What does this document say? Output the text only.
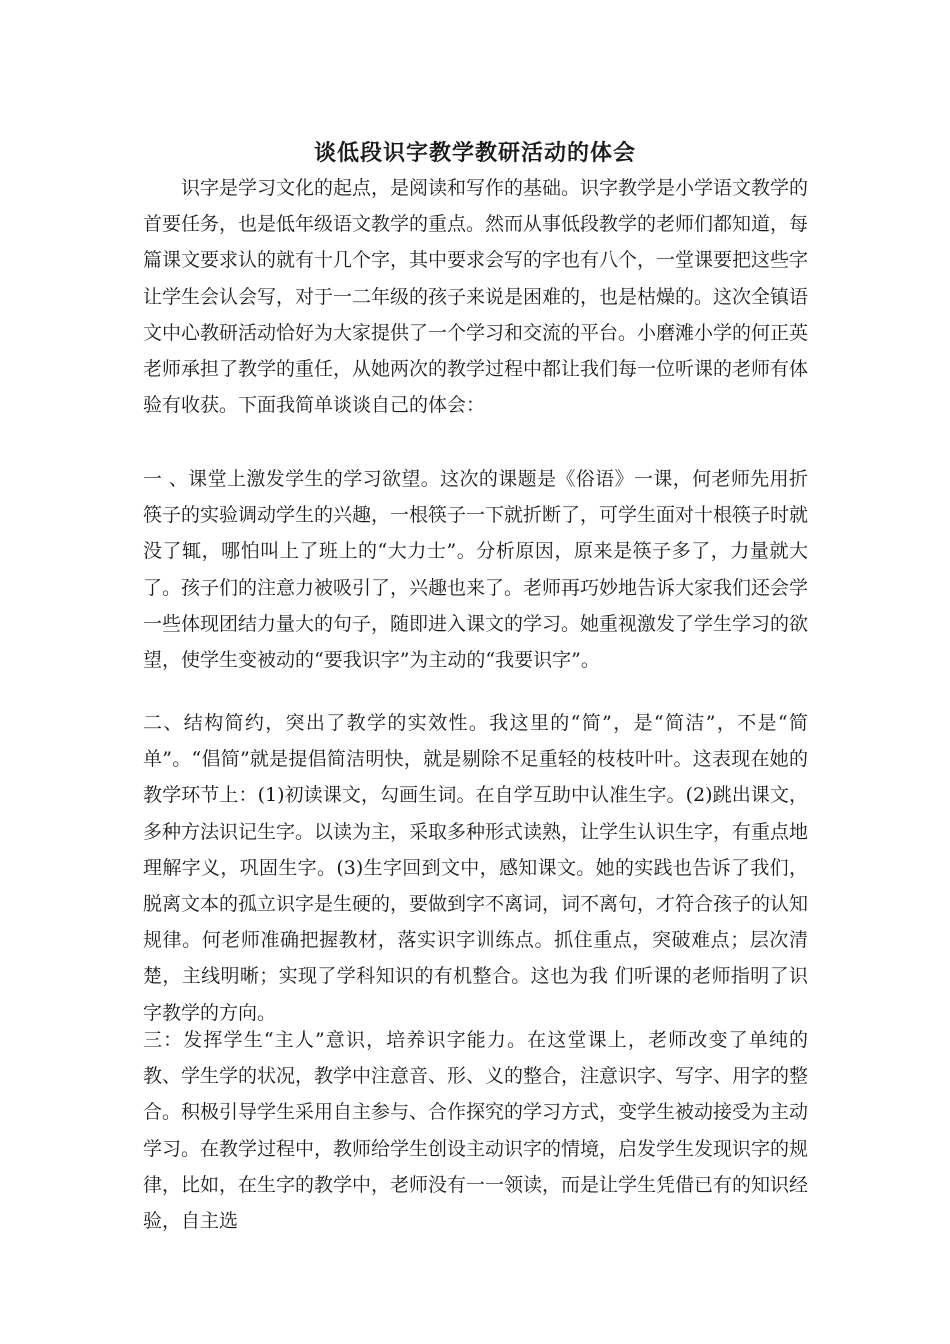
谈低段识字教学教研活动的体会

识字是学习文化的起点，是阅读和写作的基础。识字教学是小学语文教学的首要任务，也是低年级语文教学的重点。然而从事低段教学的老师们都知道，每篇课文要求认的就有十几个字，其中要求会写的字也有八个，一堂课要把这些字让学生会认会写，对于一二年级的孩子来说是困难的，也是枯燥的。这次全镇语文中心教研活动恰好为大家提供了一个学习和交流的平台。小磨滩小学的何正英老师承担了教学的重任，从她两次的教学过程中都让我们每一位听课的老师有体验有收获。下面我简单谈谈自己的体会：

一 、课堂上激发学生的学习欲望。这次的课题是《俗语》一课，何老师先用折筷子的实验调动学生的兴趣，一根筷子一下就折断了，可学生面对十根筷子时就没了辄，哪怕叫上了班上的“大力士”。分析原因，原来是筷子多了，力量就大了。孩子们的注意力被吸引了，兴趣也来了。老师再巧妙地告诉大家我们还会学一些体现团结力量大的句子，随即进入课文的学习。她重视激发了学生学习的欲望，使学生变被动的“要我识字”为主动的“我要识字”。

二、结构简约，突出了教学的实效性。我这里的“简”，是“简洁”，不是“简单”。“倡简”就是提倡简洁明快，就是剔除不足重轻的枝枝叶叶。这表现在她的教学环节上：(1)初读课文，勾画生词。在自学互助中认准生字。(2)跳出课文，多种方法识记生字。以读为主，采取多种形式读熟，让学生认识生字，有重点地理解字义，巩固生字。(3)生字回到文中，感知课文。她的实践也告诉了我们，脱离文本的孤立识字是生硬的，要做到字不离词，词不离句，才符合孩子的认知规律。何老师准确把握教材，落实识字训练点。抓住重点，突破难点；层次清楚，主线明晰；实现了学科知识的有机整合。这也为我 们听课的老师指明了识字教学的方向。

三：发挥学生“主人”意识，培养识字能力。在这堂课上，老师改变了单纯的教、学生学的状况，教学中注意音、形、义的整合，注意识字、写字、用字的整合。积极引导学生采用自主参与、合作探究的学习方式，变学生被动接受为主动学习。在教学过程中，教师给学生创设主动识字的情境，启发学生发现识字的规律，比如，在生字的教学中，老师没有一一领读，而是让学生凭借已有的知识经验，自主选
